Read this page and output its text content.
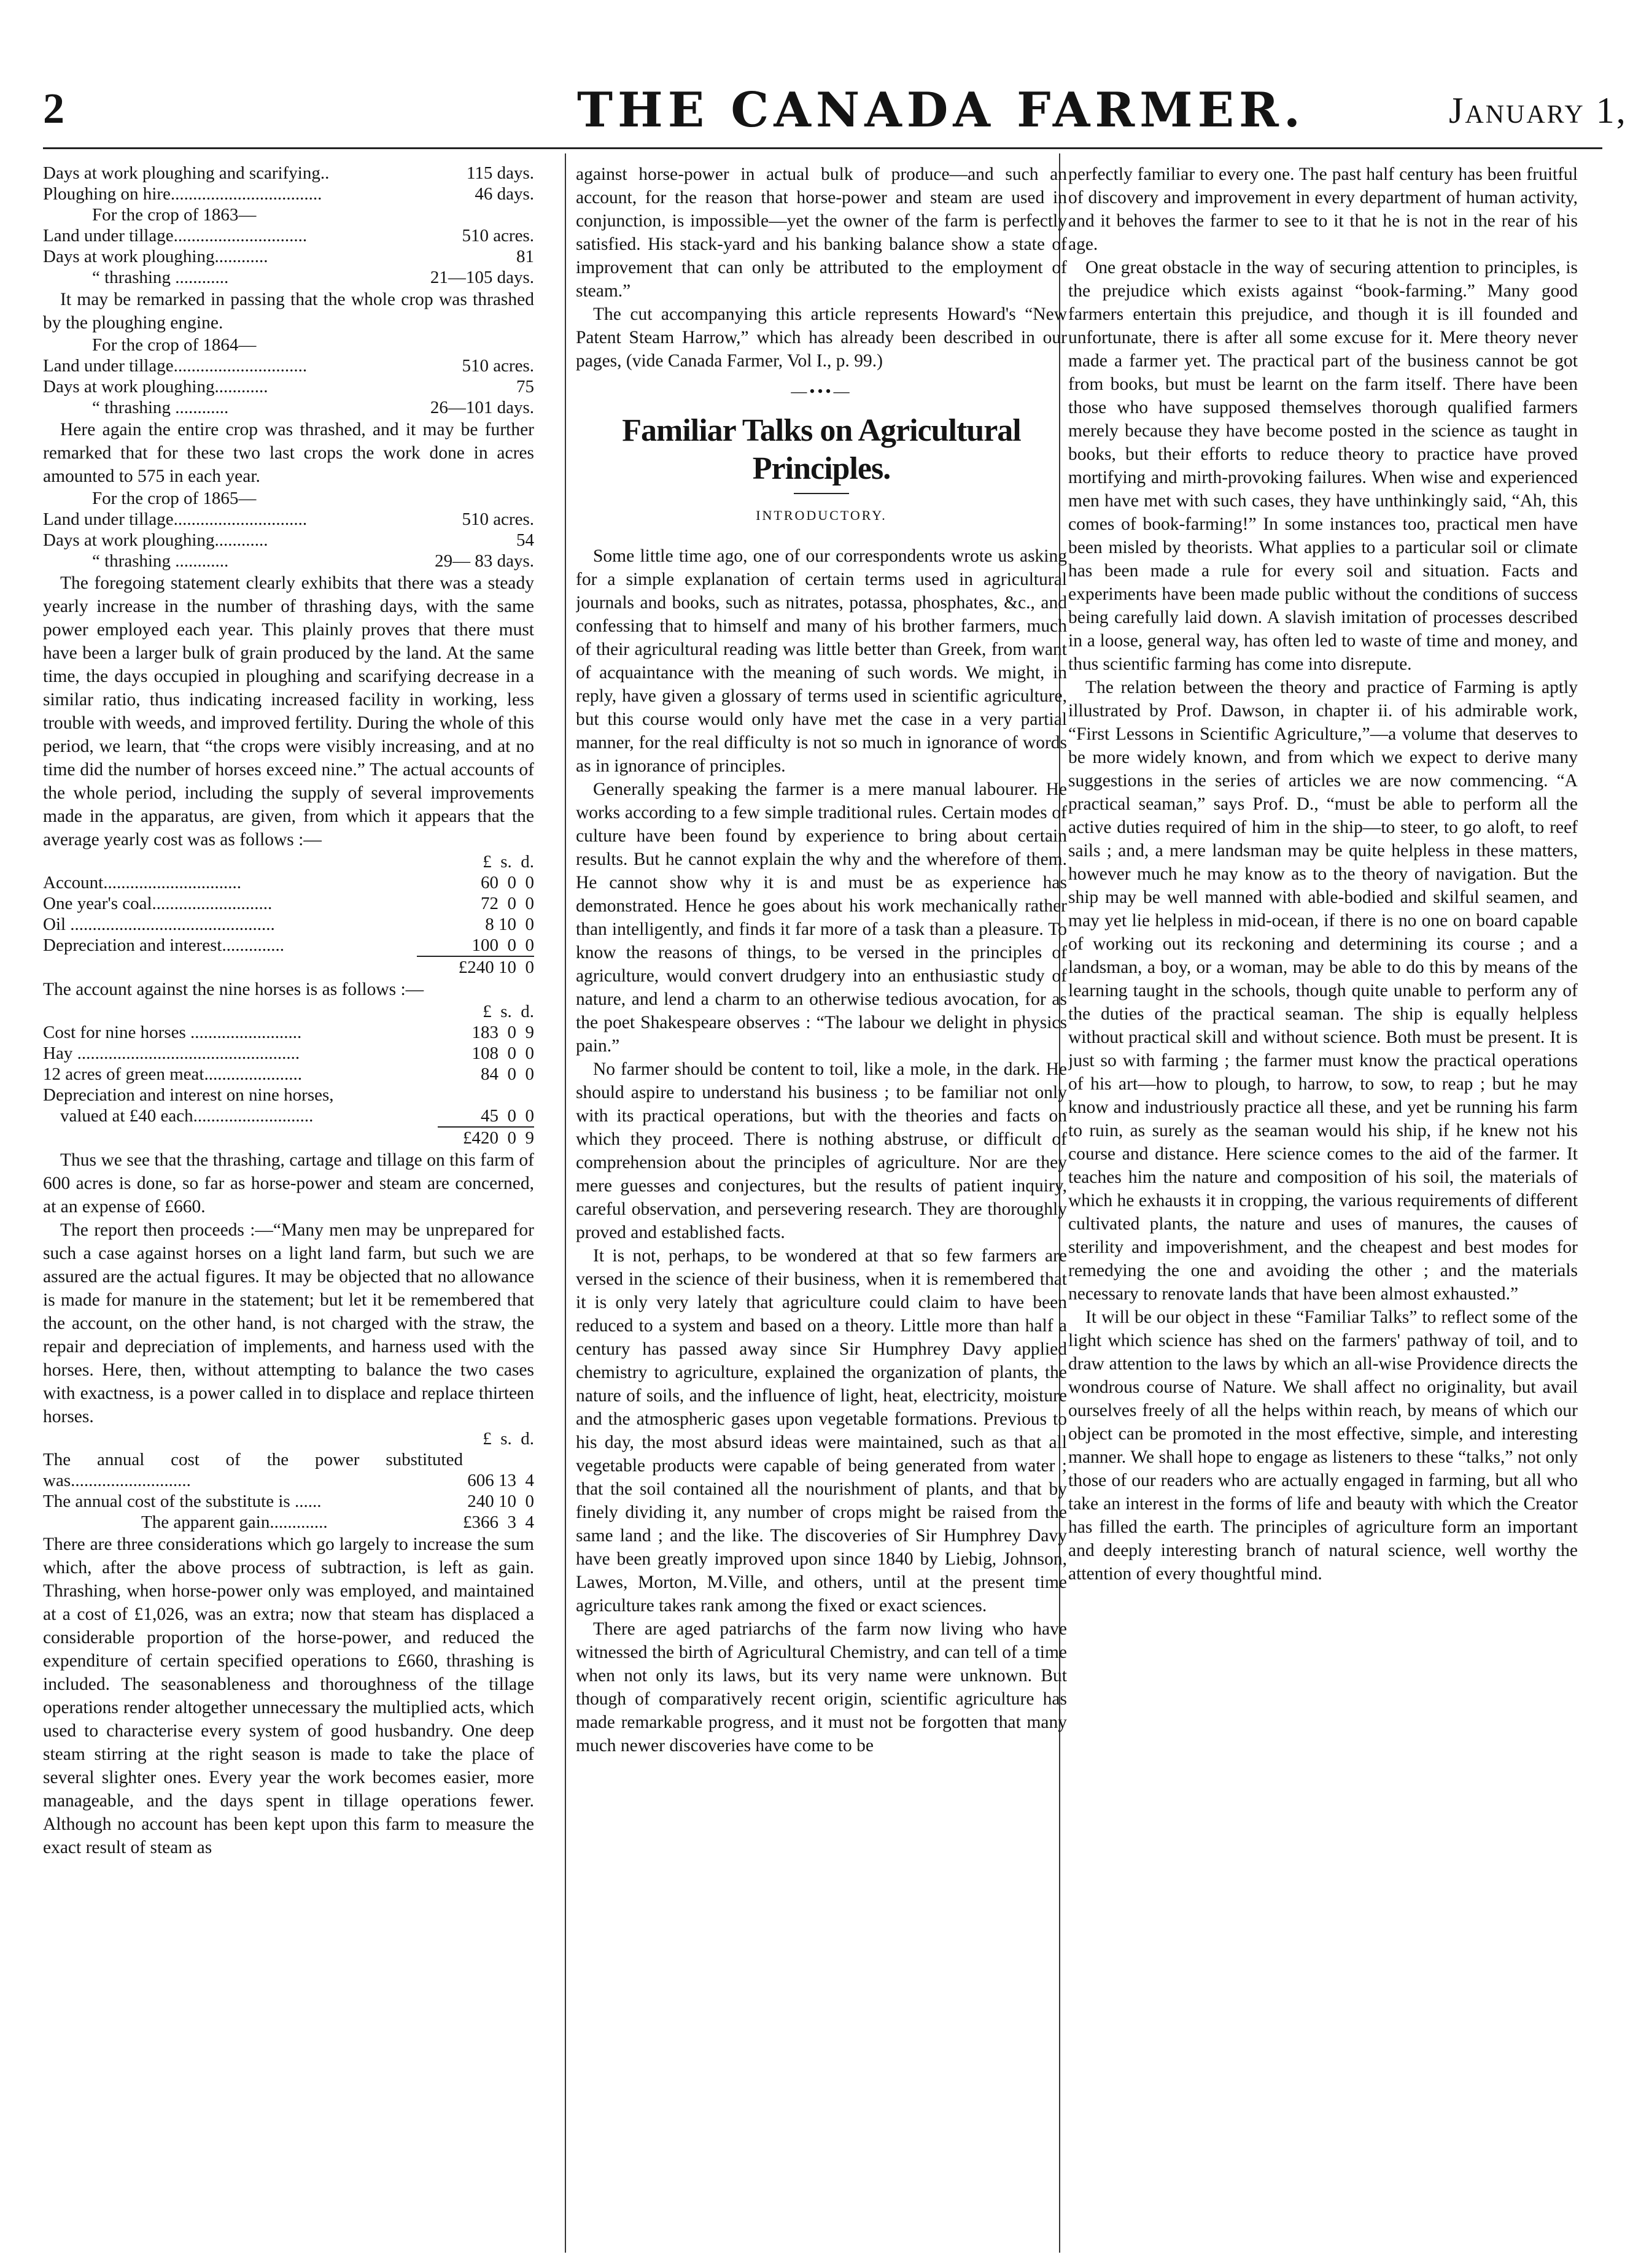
2	THE CANADA FARMER.	January 1,
Days at work ploughing and scarifying..	115 days.
Ploughing on hire..................................	46 days.
For the crop of 1863—	
Land under tillage..............................	510 acres.
Days at work ploughing............	81
“ thrashing ............	21—105 days.

It may be remarked in passing that the whole crop was thrashed by the ploughing engine.

For the crop of 1864—	
Land under tillage..............................	510 acres.
Days at work ploughing............	75
“ thrashing ............	26—101 days.

Here again the entire crop was thrashed, and it may be further remarked that for these two last crops the work done in acres amounted to 575 in each year.

For the crop of 1865—	
Land under tillage..............................	510 acres.
Days at work ploughing............	54
“ thrashing ............	29— 83 days.

The foregoing statement clearly exhibits that there was a steady yearly increase in the number of thrashing days, with the same power employed each year. This plainly proves that there must have been a larger bulk of grain produced by the land. At the same time, the days occupied in ploughing and scarifying decrease in a similar ratio, thus indicating increased facility in working, less trouble with weeds, and improved fertility. During the whole of this period, we learn, that “the crops were visibly increasing, and at no time did the number of horses exceed nine.” The actual accounts of the whole period, including the supply of several improvements made in the apparatus, are given, from which it appears that the average yearly cost was as follows :—

	£  s.  d.
Account...............................	60  0  0
One year's coal...........................	72  0  0
Oil ..............................................	8 10  0
Depreciation and interest..............	100  0  0
	£240 10  0

The account against the nine horses is as follows :—

	£  s.  d.
Cost for nine horses .........................	183  0  9
Hay ..................................................	108  0  0
12 acres of green meat......................	84  0  0
Depreciation and interest on nine horses,	
valued at £40 each...........................	45  0  0
	£420  0  9

Thus we see that the thrashing, cartage and tillage on this farm of 600 acres is done, so far as horse-power and steam are concerned, at an expense of £660.

The report then proceeds :—“Many men may be unprepared for such a case against horses on a light land farm, but such we are assured are the actual figures. It may be objected that no allowance is made for manure in the statement; but let it be remembered that the account, on the other hand, is not charged with the straw, the repair and depreciation of implements, and harness used with the horses. Here, then, without attempting to balance the two cases with exactness, is a power called in to displace and replace thirteen horses.

	£  s.  d.
The annual cost of the power substituted was...........................	606 13  4
The annual cost of the substitute is ......	240 10  0
The apparent gain.............	£366  3  4

There are three considerations which go largely to increase the sum which, after the above process of subtraction, is left as gain. Thrashing, when horse-power only was employed, and maintained at a cost of £1,026, was an extra; now that steam has displaced a considerable proportion of the horse-power, and reduced the expenditure of certain specified operations to £660, thrashing is included. The seasonableness and thoroughness of the tillage operations render altogether unnecessary the multiplied acts, which used to characterise every system of good husbandry. One deep steam stirring at the right season is made to take the place of several slighter ones. Every year the work becomes easier, more manageable, and the days spent in tillage operations fewer. Although no account has been kept upon this farm to measure the exact result of steam as

against horse-power in actual bulk of produce—and such an account, for the reason that horse-power and steam are used in conjunction, is impossible—yet the owner of the farm is perfectly satisfied. His stack-yard and his banking balance show a state of improvement that can only be attributed to the employment of steam.”

The cut accompanying this article represents Howard's “New Patent Steam Harrow,” which has already been described in our pages, (vide Canada Farmer, Vol I., p. 99.)

—•••—
Familiar Talks on Agricultural Principles.
INTRODUCTORY.

Some little time ago, one of our correspondents wrote us asking for a simple explanation of certain terms used in agricultural journals and books, such as nitrates, potassa, phosphates, &c., and confessing that to himself and many of his brother farmers, much of their agricultural reading was little better than Greek, from want of acquaintance with the meaning of such words. We might, in reply, have given a glossary of terms used in scientific agriculture, but this course would only have met the case in a very partial manner, for the real difficulty is not so much in ignorance of words as in ignorance of principles.

Generally speaking the farmer is a mere manual labourer. He works according to a few simple traditional rules. Certain modes of culture have been found by experience to bring about certain results. But he cannot explain the why and the wherefore of them. He cannot show why it is and must be as experience has demonstrated. Hence he goes about his work mechanically rather than intelligently, and finds it far more of a task than a pleasure. To know the reasons of things, to be versed in the principles of agriculture, would convert drudgery into an enthusiastic study of nature, and lend a charm to an otherwise tedious avocation, for as the poet Shakespeare observes : “The labour we delight in physics pain.”

No farmer should be content to toil, like a mole, in the dark. He should aspire to understand his business ; to be familiar not only with its practical operations, but with the theories and facts on which they proceed. There is nothing abstruse, or difficult of comprehension about the principles of agriculture. Nor are they mere guesses and conjectures, but the results of patient inquiry, careful observation, and persevering research. They are thoroughly proved and established facts.

It is not, perhaps, to be wondered at that so few farmers are versed in the science of their business, when it is remembered that it is only very lately that agriculture could claim to have been reduced to a system and based on a theory. Little more than half a century has passed away since Sir Humphrey Davy applied chemistry to agriculture, explained the organization of plants, the nature of soils, and the influence of light, heat, electricity, moisture and the atmospheric gases upon vegetable formations. Previous to his day, the most absurd ideas were maintained, such as that all vegetable products were capable of being generated from water ; that the soil contained all the nourishment of plants, and that by finely dividing it, any number of crops might be raised from the same land ; and the like. The discoveries of Sir Humphrey Davy have been greatly improved upon since 1840 by Liebig, Johnson, Lawes, Morton, M.Ville, and others, until at the present time agriculture takes rank among the fixed or exact sciences.

There are aged patriarchs of the farm now living who have witnessed the birth of Agricultural Chemistry, and can tell of a time when not only its laws, but its very name were unknown. But though of comparatively recent origin, scientific agriculture has made remarkable progress, and it must not be forgotten that many much newer discoveries have come to be

perfectly familiar to every one. The past half century has been fruitful of discovery and improvement in every department of human activity, and it behoves the farmer to see to it that he is not in the rear of his age.

One great obstacle in the way of securing attention to principles, is the prejudice which exists against “book-farming.” Many good farmers entertain this prejudice, and though it is ill founded and unfortunate, there is after all some excuse for it. Mere theory never made a farmer yet. The practical part of the business cannot be got from books, but must be learnt on the farm itself. There have been those who have supposed themselves thorough qualified farmers merely because they have become posted in the science as taught in books, but their efforts to reduce theory to practice have proved mortifying and mirth-provoking failures. When wise and experienced men have met with such cases, they have unthinkingly said, “Ah, this comes of book-farming!” In some instances too, practical men have been misled by theorists. What applies to a particular soil or climate has been made a rule for every soil and situation. Facts and experiments have been made public without the conditions of success being carefully laid down. A slavish imitation of processes described in a loose, general way, has often led to waste of time and money, and thus scientific farming has come into disrepute.

The relation between the theory and practice of Farming is aptly illustrated by Prof. Dawson, in chapter ii. of his admirable work, “First Lessons in Scientific Agriculture,”—a volume that deserves to be more widely known, and from which we expect to derive many suggestions in the series of articles we are now commencing. “A practical seaman,” says Prof. D., “must be able to perform all the active duties required of him in the ship—to steer, to go aloft, to reef sails ; and, a mere landsman may be quite helpless in these matters, however much he may know as to the theory of navigation. But the ship may be well manned with able-bodied and skilful seamen, and may yet lie helpless in mid-ocean, if there is no one on board capable of working out its reckoning and determining its course ; and a landsman, a boy, or a woman, may be able to do this by means of the learning taught in the schools, though quite unable to perform any of the duties of the practical seaman. The ship is equally helpless without practical skill and without science. Both must be present. It is just so with farming ; the farmer must know the practical operations of his art—how to plough, to harrow, to sow, to reap ; but he may know and industriously practice all these, and yet be running his farm to ruin, as surely as the seaman would his ship, if he knew not his course and distance. Here science comes to the aid of the farmer. It teaches him the nature and composition of his soil, the materials of which he exhausts it in cropping, the various requirements of different cultivated plants, the nature and uses of manures, the causes of sterility and impoverishment, and the cheapest and best modes for remedying the one and avoiding the other ; and the materials necessary to renovate lands that have been almost exhausted.”

It will be our object in these “Familiar Talks” to reflect some of the light which science has shed on the farmers' pathway of toil, and to draw attention to the laws by which an all-wise Providence directs the wondrous course of Nature. We shall affect no originality, but avail ourselves freely of all the helps within reach, by means of which our object can be promoted in the most effective, simple, and interesting manner. We shall hope to engage as listeners to these “talks,” not only those of our readers who are actually engaged in farming, but all who take an interest in the forms of life and beauty with which the Creator has filled the earth. The principles of agriculture form an important and deeply interesting branch of natural science, well worthy the attention of every thoughtful mind.
